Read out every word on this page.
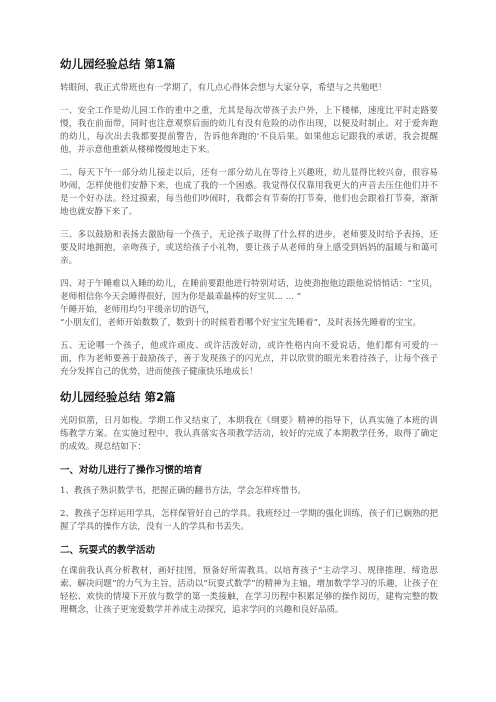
幼儿园经验总结 第1篇

转眼间，我正式带班也有一学期了，有几点心得体会想与大家分享，希望与之共勉吧！

一、安全工作是幼儿园工作的重中之重，尤其是每次带孩子去户外，上下楼梯，速度比平时走路要慢，我在前面带，同时也注意观察后面的幼儿有没有危险的动作出现，以便及时制止。对于爱奔跑的幼儿，每次出去我都要提前警告，告诉他奔跑的'不良后果。如果他忘记跟我的承诺，我会提醒他，并示意他重新从楼梯慢慢地走下来。

二、每天下午一部分幼儿接走以后，还有一部分幼儿在等待上兴趣班，幼儿显得比较兴奋，很容易吵闹，怎样使他们安静下来，也成了我的一个困惑。我觉得仅仅靠用我更大的声音去压住他们并不是一个好办法。经过摸索，每当他们吵闹时，我都会有节奏的打节奏，他们也会跟着打节奏，渐渐地也就安静下来了。

三、多以鼓励和表扬去激励每一个孩子，无论孩子取得了什么样的进步，老师要及时给予表扬，还要及时地拥抱，亲吻孩子，或送给孩子小礼物，要让孩子从老师的身上感受到妈妈的温暖与和蔼可亲。

四、对于午睡难以入睡的幼儿，在睡前要跟他进行特别对话，边使劲抱他边跟他说悄悄话：“宝贝，老师相信你今天会睡得很好，因为你是最乖最棒的好宝贝... ... ”

午睡开始，老师用均匀平缓亲切的语气，

“小朋友们，老师开始数数了，数到十的时候看看哪个好宝宝先睡着”，及时表扬先睡着的宝宝。

五、无论哪一个孩子，他或许顽皮、或许活泼好动，或许性格内向不爱说话，他们都有可爱的一面，作为老师要善于鼓励孩子，善于发现孩子的闪光点，并以欣赏的眼光来看待孩子，让每个孩子充分发挥自己的优势，进而使孩子健康快乐地成长！

幼儿园经验总结 第2篇

光阴似箭，日月如梭。学期工作又结束了，本期我在《纲要》精神的指导下，认真实施了本班的训练教学方案。在实施过程中，我认真落实各项教学活动，较好的完成了本期教学任务，取得了确定的成效。现总结如下：

一、对幼儿进行了操作习惯的培育

1、教孩子熟识数学书，把握正确的翻书方法，学会怎样疼惜书。

2、教孩子怎样运用学具，怎样保管好自己的学具。我班经过一学期的强化训练，孩子们已娴熟的把握了学具的操作方法，没有一人的学具和书丢失。

二、玩耍式的教学活动

在课前我认真分析教材，画好挂图，预备好所需教具。以培育孩子“主动学习、规律推理、缔造思索、解决问题”的力气为主旨，活动以“玩耍式数学”的精神为主轴，增加数学学习的乐趣，让孩子在轻松、欢快的情境下开放与数学的第一类接触，在学习历程中积累足够的操作阅历，建构完整的数理概念，让孩子更宠爱数学并养成主动探究，追求学问的兴趣和良好品质。
